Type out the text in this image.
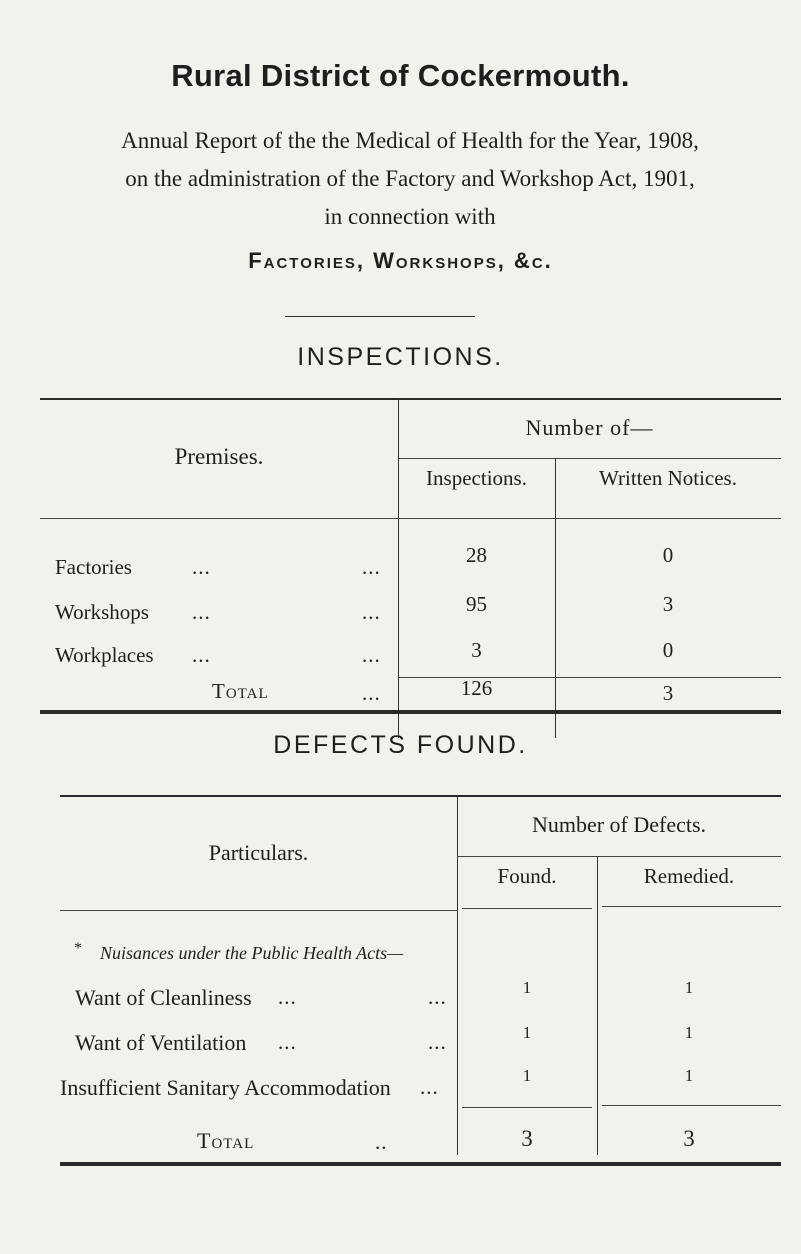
Rural District of Cockermouth.
Annual Report of the the Medical of Health for the Year, 1908,
on the administration of the Factory and Workshop Act, 1901,
in connection with
Factories, Workshops, &c.
INSPECTIONS.
Premises.
Number of—
Inspections.	Written Notices.
Factories	...	...	28	0
Workshops ...	...	95	3
Workplaces ...	...	3	0
Total	...	126	3
DEFECTS FOUND.
Particulars.
Number of Defects.
Found.	Remedied.
* Nuisances under the Public Health Acts—
Want of Cleanliness ...	...	1	1
Want of Ventilation ...	...	1	1
Insufficient Sanitary Accommodation ...	1	1
Total	..	3	3
